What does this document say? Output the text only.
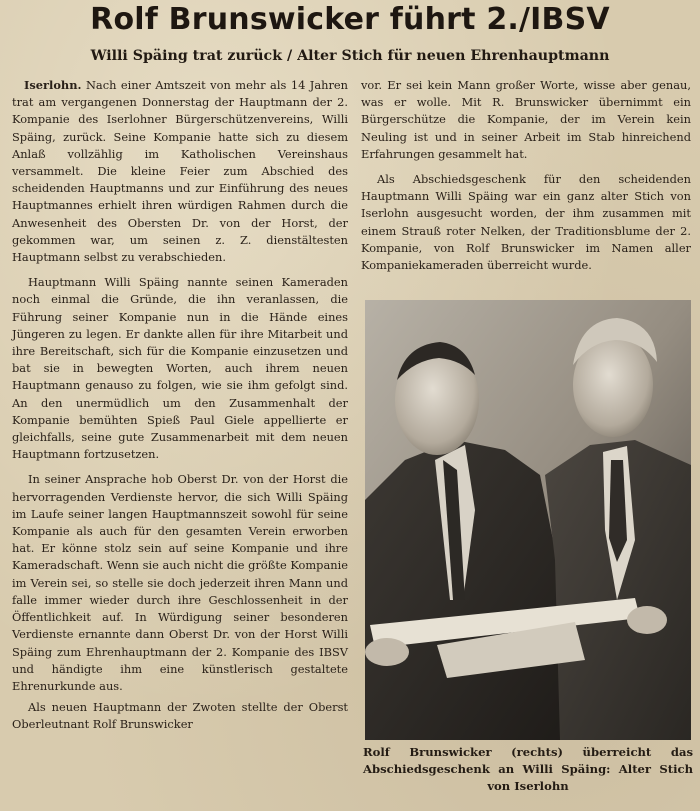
Rolf Brunswicker führt 2./IBSV
Willi Späing trat zurück / Alter Stich für neuen Ehrenhauptmann

Iserlohn. Nach einer Amtszeit von mehr als 14 Jahren trat am vergangenen Donnerstag der Hauptmann der 2. Kompanie des Iserlohner Bürgerschützenvereins, Willi Späing, zurück. Seine Kompanie hatte sich zu diesem Anlaß vollzählig im Katholischen Vereinshaus versammelt. Die kleine Feier zum Abschied des scheidenden Hauptmanns und zur Einführung des neues Hauptmannes erhielt ihren würdigen Rahmen durch die Anwesenheit des Obersten Dr. von der Horst, der gekommen war, um seinen z. Z. dienstältesten Hauptmann selbst zu verabschieden.

Hauptmann Willi Späing nannte seinen Kameraden noch einmal die Gründe, die ihn veranlassen, die Führung seiner Kompanie nun in die Hände eines Jüngeren zu legen. Er dankte allen für ihre Mitarbeit und ihre Bereitschaft, sich für die Kompanie einzusetzen und bat sie in bewegten Worten, auch ihrem neuen Hauptmann genauso zu folgen, wie sie ihm gefolgt sind. An den unermüdlich um den Zusammenhalt der Kompanie bemühten Spieß Paul Giele appellierte er gleichfalls, seine gute Zusammenarbeit mit dem neuen Hauptmann fortzusetzen.

In seiner Ansprache hob Oberst Dr. von der Horst die hervorragenden Verdienste hervor, die sich Willi Späing im Laufe seiner langen Hauptmannszeit sowohl für seine Kompanie als auch für den gesamten Verein erworben hat. Er könne stolz sein auf seine Kompanie und ihre Kameradschaft. Wenn sie auch nicht die größte Kompanie im Verein sei, so stelle sie doch jederzeit ihren Mann und falle immer wieder durch ihre Geschlossenheit in der Öffentlichkeit auf. In Würdigung seiner besonderen Verdienste ernannte dann Oberst Dr. von der Horst Willi Späing zum Ehrenhauptmann der 2. Kompanie des IBSV und händigte ihm eine künstlerisch gestaltete Ehrenurkunde aus.

Als neuen Hauptmann der Zwoten stellte der Oberst Oberleutnant Rolf Brunswicker

vor. Er sei kein Mann großer Worte, wisse aber genau, was er wolle. Mit R. Brunswicker übernimmt ein Bürgerschütze die Kompanie, der im Verein kein Neuling ist und in seiner Arbeit im Stab hinreichend Erfahrungen gesammelt hat.

Als Abschiedsgeschenk für den scheidenden Hauptmann Willi Späing war ein ganz alter Stich von Iserlohn ausgesucht worden, der ihm zusammen mit einem Strauß roter Nelken, der Traditionsblume der 2. Kompanie, von Rolf Brunswicker im Namen aller Kompaniekameraden überreicht wurde.

Rolf Brunswicker (rechts) überreicht das Abschiedsgeschenk an Willi Späing: Alter Stich von Iserlohn
